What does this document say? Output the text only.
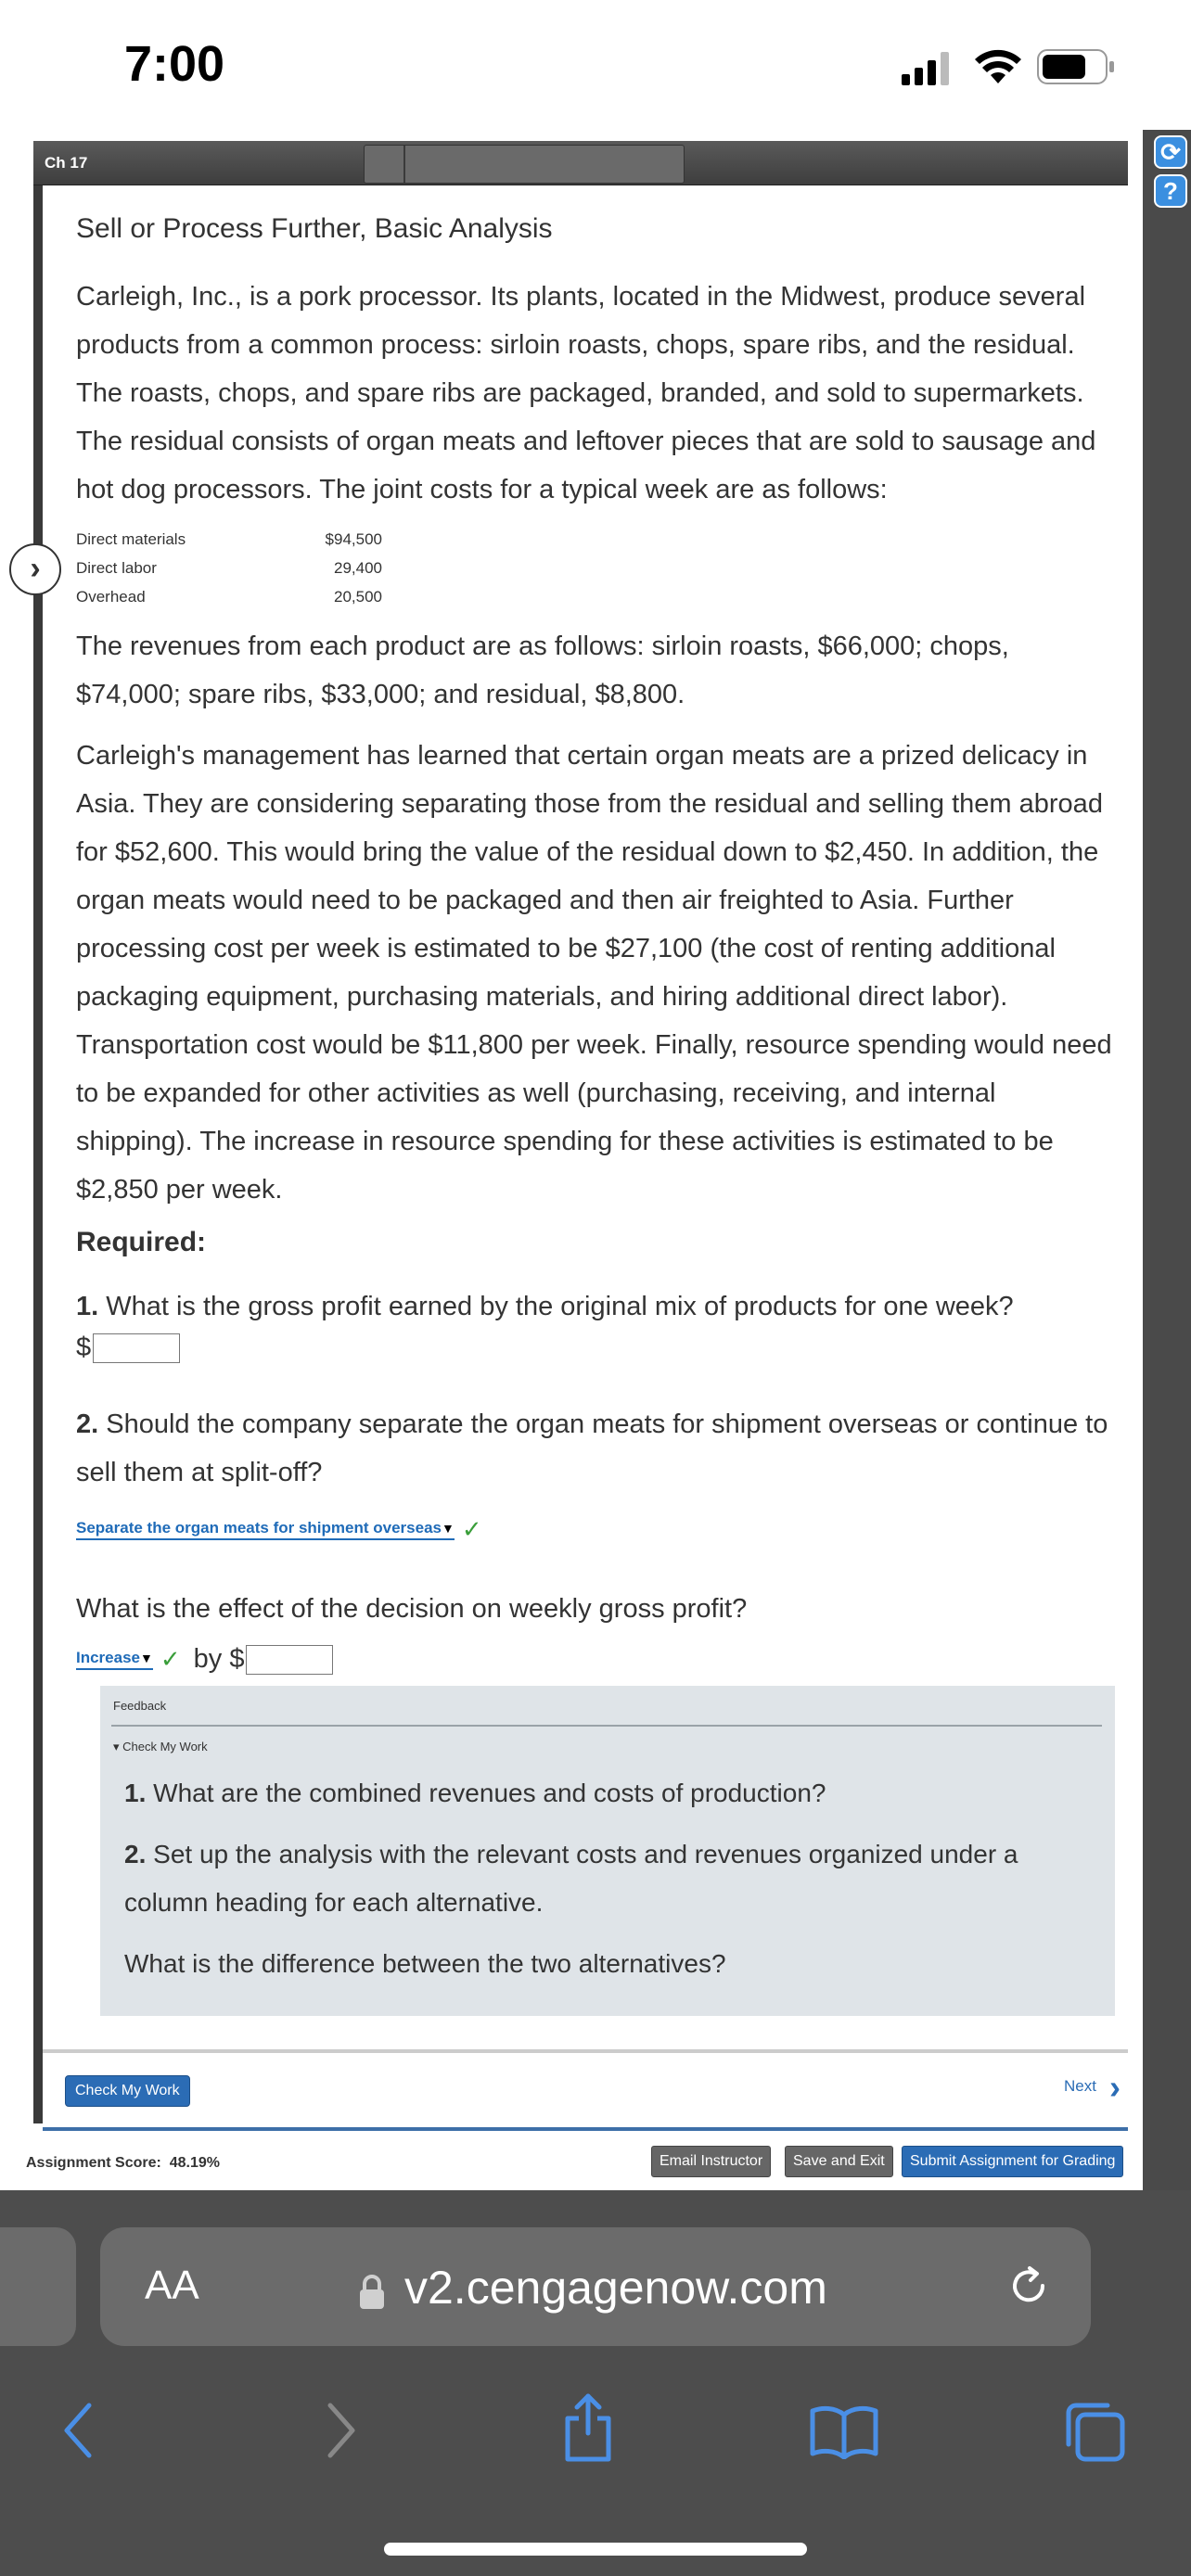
7:00
⟳
?
Ch 17
›
Sell or Process Further, Basic Analysis

Carleigh, Inc., is a pork processor. Its plants, located in the Midwest, produce several products from a common process: sirloin roasts, chops, spare ribs, and the residual. The roasts, chops, and spare ribs are packaged, branded, and sold to supermarkets. The residual consists of organ meats and leftover pieces that are sold to sausage and hot dog processors. The joint costs for a typical week are as follows:

Direct materials	$94,500
Direct labor	29,400
Overhead	20,500

The revenues from each product are as follows: sirloin roasts, $66,000; chops, $74,000; spare ribs, $33,000; and residual, $8,800.

Carleigh's management has learned that certain organ meats are a prized delicacy in Asia. They are considering separating those from the residual and selling them abroad for $52,600. This would bring the value of the residual down to $2,450. In addition, the organ meats would need to be packaged and then air freighted to Asia. Further processing cost per week is estimated to be $27,100 (the cost of renting additional packaging equipment, purchasing materials, and hiring additional direct labor). Transportation cost would be $11,800 per week. Finally, resource spending would need to be expanded for other activities as well (purchasing, receiving, and internal shipping). The increase in resource spending for these activities is estimated to be $2,850 per week.

Required:

1. What is the gross profit earned by the original mix of products for one week?

$

2. Should the company separate the organ meats for shipment overseas or continue to sell them at split-off?

Separate the organ meats for shipment overseas▼ ✓

What is the effect of the decision on weekly gross profit?

Increase▼ ✓ by $
Feedback
▾ Check My Work

1. What are the combined revenues and costs of production?

2. Set up the analysis with the relevant costs and revenues organized under a column heading for each alternative.

What is the difference between the two alternatives?

Check My Work	Next ›
Assignment Score: 48.19%	Email Instructor	Save and Exit	Submit Assignment for Grading
AA	v2.cengagenow.com
